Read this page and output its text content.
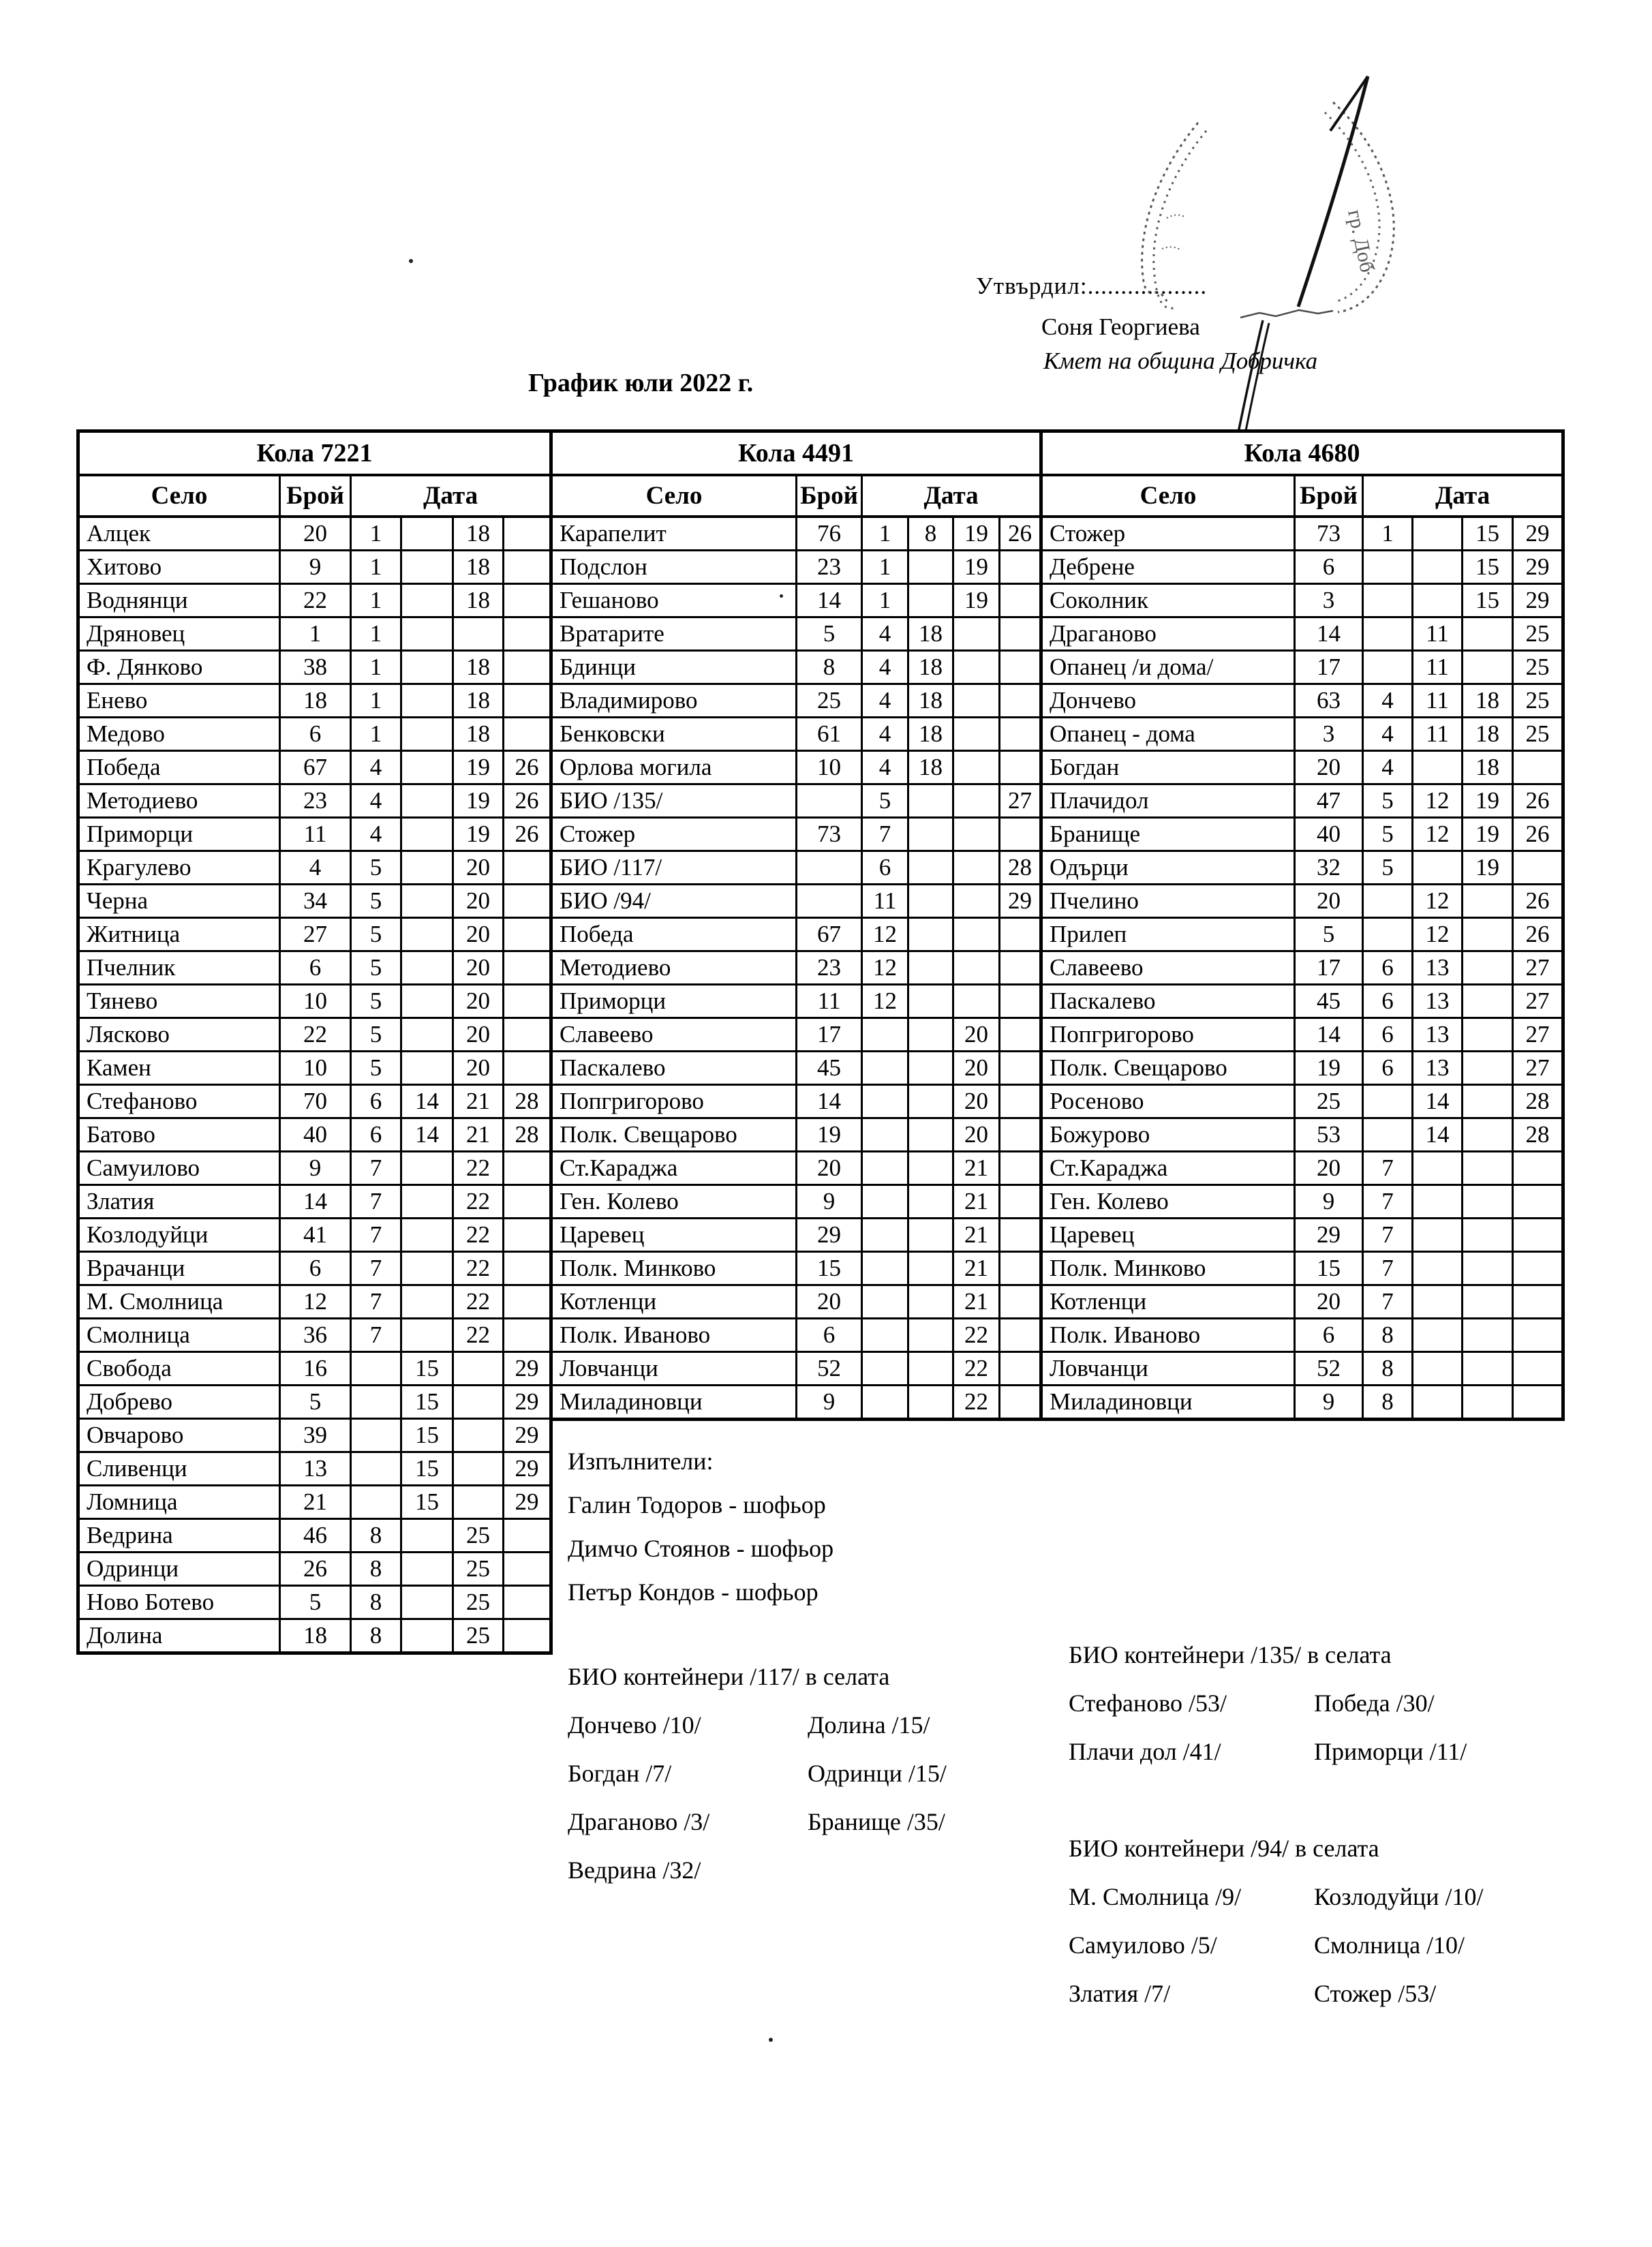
Утвърдил:..................
Соня Георгиева
Кмет на община Добричка
График юли 2022 г.
гр. Доб
Кола 7221					
Село	Брой	Дата			
Алцек	20	1		18	
Хитово	9	1		18	
Воднянци	22	1		18	
Дряновец	1	1			
Ф. Дянково	38	1		18	
Енево	18	1		18	
Медово	6	1		18	
Победа	67	4		19	26
Методиево	23	4		19	26
Приморци	11	4		19	26
Крагулево	4	5		20	
Черна	34	5		20	
Житница	27	5		20	
Пчелник	6	5		20	
Тянево	10	5		20	
Лясково	22	5		20	
Камен	10	5		20	
Стефаново	70	6	14	21	28
Батово	40	6	14	21	28
Самуилово	9	7		22	
Златия	14	7		22	
Козлодуйци	41	7		22	
Врачанци	6	7		22	
М. Смолница	12	7		22	
Смолница	36	7		22	
Свобода	16		15		29
Добрево	5		15		29
Овчарово	39		15		29
Сливенци	13		15		29
Ломница	21		15		29
Ведрина	46	8		25	
Одринци	26	8		25	
Ново Ботево	5	8		25	
Долина	18	8		25	
Кола 4491					
Село	Брой	Дата			
Карапелит	76	1	8	19	26
Подслон	23	1		19	
Гешаново	14	1		19	
Вратарите	5	4	18		
Бдинци	8	4	18		
Владимирово	25	4	18		
Бенковски	61	4	18		
Орлова могила	10	4	18		
БИО /135/		5			27
Стожер	73	7			
БИО /117/		6			28
БИО /94/		11			29
Победа	67	12			
Методиево	23	12			
Приморци	11	12			
Славеево	17			20	
Паскалево	45			20	
Попгригорово	14			20	
Полк. Свещарово	19			20	
Ст.Караджа	20			21	
Ген. Колево	9			21	
Царевец	29			21	
Полк. Минково	15			21	
Котленци	20			21	
Полк. Иваново	6			22	
Ловчанци	52			22	
Миладиновци	9			22	
Кола 4680					
Село	Брой	Дата			
Стожер	73	1		15	29
Дебрене	6			15	29
Соколник	3			15	29
Драганово	14		11		25
Опанец /и дома/	17		11		25
Дончево	63	4	11	18	25
Опанец - дома	3	4	11	18	25
Богдан	20	4		18	
Плачидол	47	5	12	19	26
Бранище	40	5	12	19	26
Одърци	32	5		19	
Пчелино	20		12		26
Прилеп	5		12		26
Славеево	17	6	13		27
Паскалево	45	6	13		27
Попгригорово	14	6	13		27
Полк. Свещарово	19	6	13		27
Росеново	25		14		28
Божурово	53		14		28
Ст.Караджа	20	7			
Ген. Колево	9	7			
Царевец	29	7			
Полк. Минково	15	7			
Котленци	20	7			
Полк. Иваново	6	8			
Ловчанци	52	8			
Миладиновци	9	8			
Изпълнители:
Галин Тодоров - шофьор
Димчо Стоянов - шофьор
Петър Кондов - шофьор
БИО контейнери /117/ в селата
Дончево /10/
Богдан /7/
Драганово /3/
Ведрина /32/
Долина /15/
Одринци /15/
Бранище /35/
БИО контейнери /135/ в селата
Стефаново /53/
Плачи дол /41/
Победа /30/
Приморци /11/
БИО контейнери /94/ в селата
М. Смолница /9/
Самуилово /5/
Златия /7/
Козлодуйци /10/
Смолница /10/
Стожер /53/
